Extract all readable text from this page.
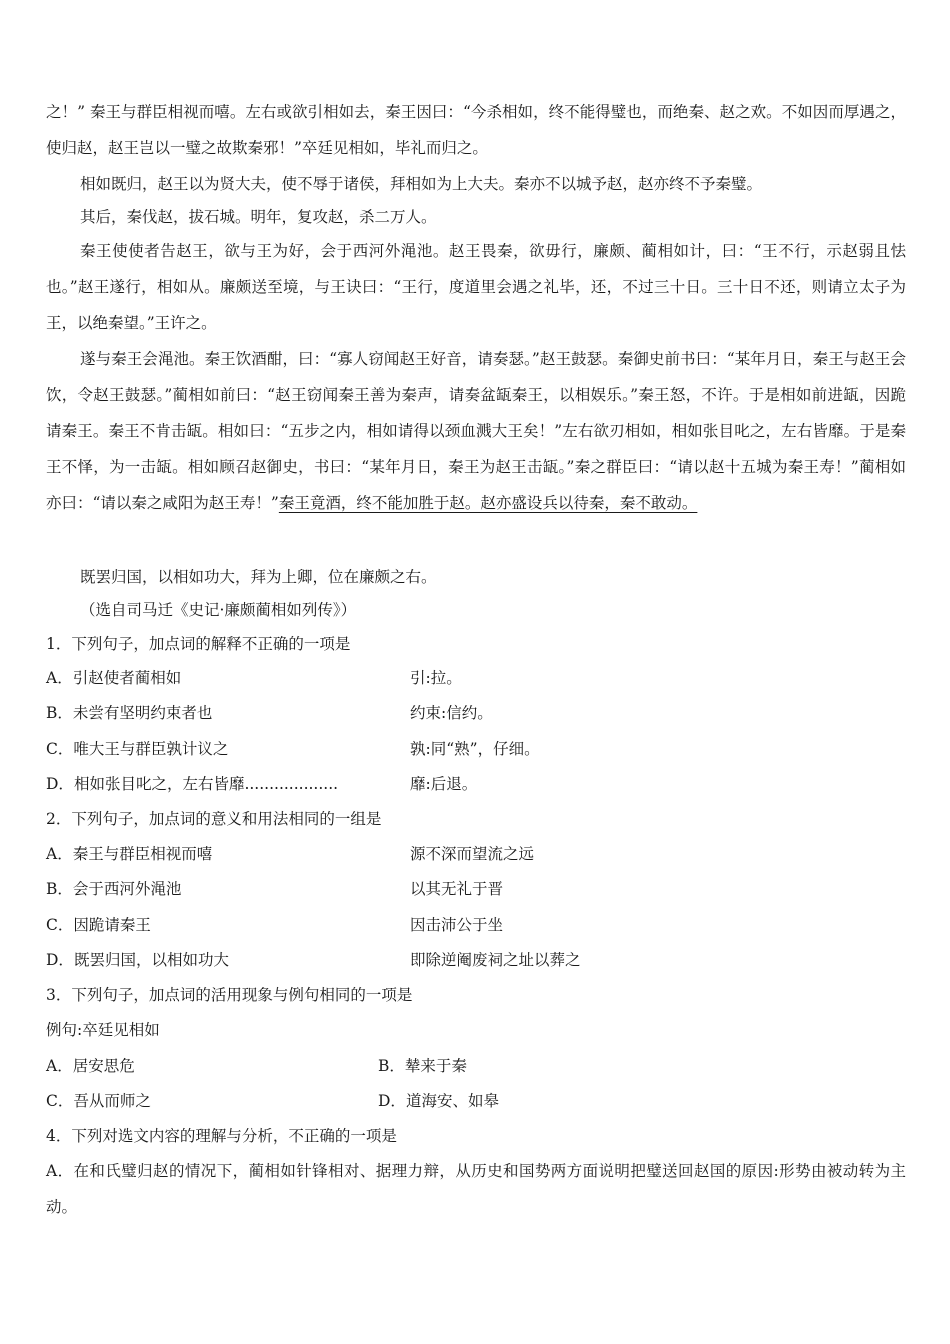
之！” 秦王与群臣相视而嘻。左右或欲引相如去，秦王因曰：“今杀相如，终不能得璧也，而绝秦、赵之欢。不如因而厚遇之，使归赵，赵王岂以一璧之故欺秦邪！”卒廷见相如，毕礼而归之。

相如既归，赵王以为贤大夫，使不辱于诸侯，拜相如为上大夫。秦亦不以城予赵，赵亦终不予秦璧。

其后，秦伐赵，拔石城。明年，复攻赵，杀二万人。

秦王使使者告赵王，欲与王为好，会于西河外渑池。赵王畏秦，欲毋行，廉颇、蔺相如计，曰：“王不行，示赵弱且怯也。”赵王遂行，相如从。廉颇送至境，与王诀曰：“王行，度道里会遇之礼毕，还，不过三十日。三十日不还，则请立太子为王，以绝秦望。”王许之。

遂与秦王会渑池。秦王饮酒酣，曰：“寡人窃闻赵王好音，请奏瑟。”赵王鼓瑟。秦御史前书曰：“某年月日，秦王与赵王会饮，令赵王鼓瑟。”蔺相如前曰：“赵王窃闻秦王善为秦声，请奏盆缻秦王，以相娱乐。”秦王怒，不许。于是相如前进缻，因跪请秦王。秦王不肯击缻。相如曰：“五步之内，相如请得以颈血溅大王矣！”左右欲刃相如，相如张目叱之，左右皆靡。于是秦王不怿，为一击缻。相如顾召赵御史，书曰：“某年月日，秦王为赵王击缻。”秦之群臣曰：“请以赵十五城为秦王寿！”蔺相如亦曰：“请以秦之咸阳为赵王寿！”秦王竟酒，终不能加胜于赵。赵亦盛设兵以待秦，秦不敢动。

既罢归国，以相如功大，拜为上卿，位在廉颇之右。

（选自司马迁《史记·廉颇蔺相如列传》）
1．下列句子，加点词的解释不正确的一项是
A．引赵使者蔺相如	引:拉。
B．未尝有坚明约束者也	约束:信约。
C．唯大王与群臣孰计议之	孰:同“熟”，仔细。
D．相如张目叱之，左右皆靡...................	靡:后退。
2．下列句子，加点词的意义和用法相同的一组是
A．秦王与群臣相视而嘻	源不深而望流之远
B．会于西河外渑池	以其无礼于晋
C．因跪请秦王	因击沛公于坐
D．既罢归国，以相如功大	即除逆阉废祠之址以葬之
3．下列句子，加点词的活用现象与例句相同的一项是
例句:卒廷见相如
A．居安思危	B．辇来于秦
C．吾从而师之	D．道海安、如皋
4．下列对选文内容的理解与分析，不正确的一项是

A．在和氏璧归赵的情况下，蔺相如针锋相对、据理力辩，从历史和国势两方面说明把璧送回赵国的原因:形势由被动转为主动。
